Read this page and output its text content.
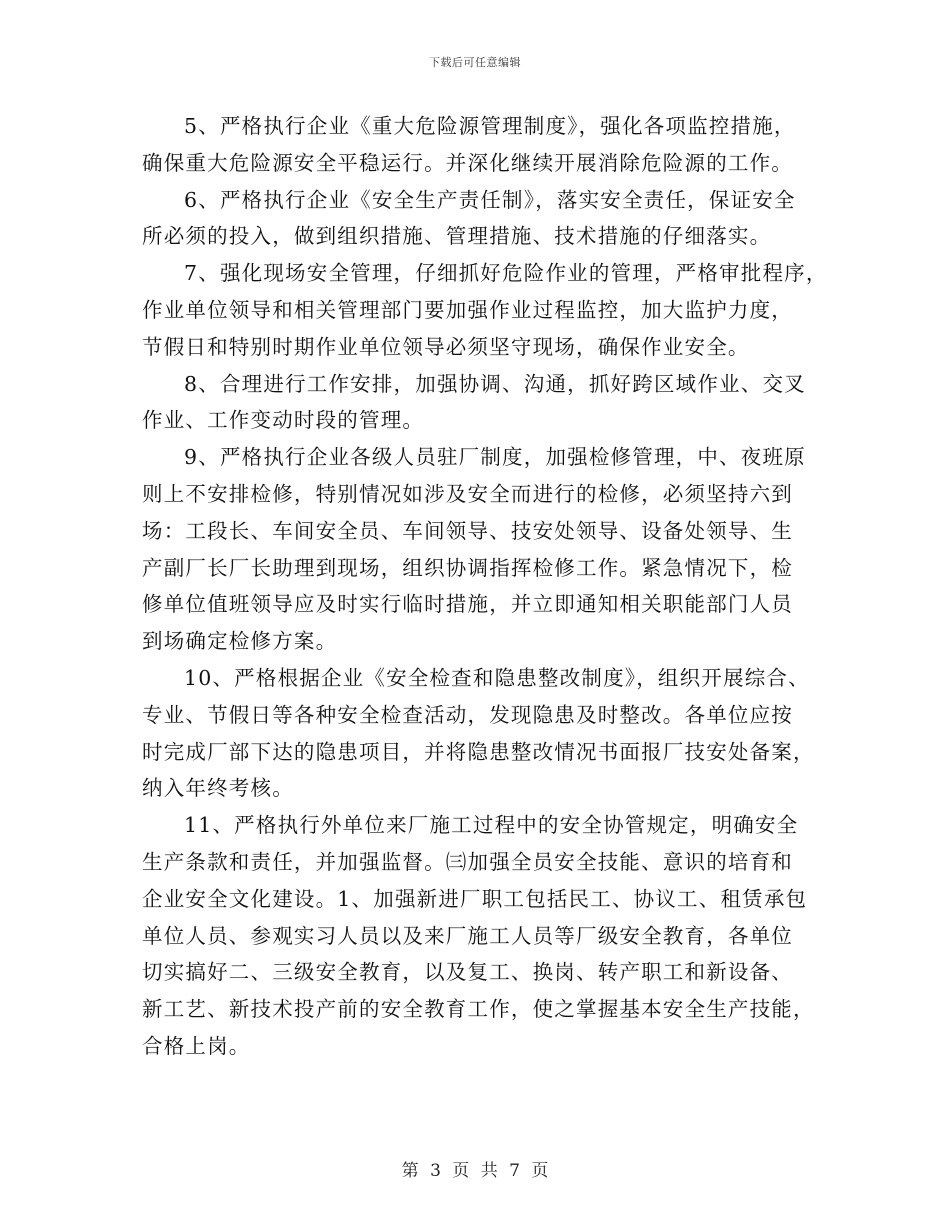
下载后可任意编辑

5、严格执行企业《重大危险源管理制度》，强化各项监控措施，
确保重大危险源安全平稳运行。并深化继续开展消除危险源的工作。

6、严格执行企业《安全生产责任制》，落实安全责任，保证安全
所必须的投入，做到组织措施、管理措施、技术措施的仔细落实。

7、强化现场安全管理，仔细抓好危险作业的管理，严格审批程序，
作业单位领导和相关管理部门要加强作业过程监控，加大监护力度，
节假日和特别时期作业单位领导必须坚守现场，确保作业安全。

8、合理进行工作安排，加强协调、沟通，抓好跨区域作业、交叉
作业、工作变动时段的管理。

9、严格执行企业各级人员驻厂制度，加强检修管理，中、夜班原
则上不安排检修，特别情况如涉及安全而进行的检修，必须坚持六到
场：工段长、车间安全员、车间领导、技安处领导、设备处领导、生
产副厂长厂长助理到现场，组织协调指挥检修工作。紧急情况下，检
修单位值班领导应及时实行临时措施，并立即通知相关职能部门人员
到场确定检修方案。

10、严格根据企业《安全检查和隐患整改制度》，组织开展综合、
专业、节假日等各种安全检查活动，发现隐患及时整改。各单位应按
时完成厂部下达的隐患项目，并将隐患整改情况书面报厂技安处备案，
纳入年终考核。

11、严格执行外单位来厂施工过程中的安全协管规定，明确安全
生产条款和责任，并加强监督。㈢加强全员安全技能、意识的培育和
企业安全文化建设。1、加强新进厂职工包括民工、协议工、租赁承包
单位人员、参观实习人员以及来厂施工人员等厂级安全教育，各单位
切实搞好二、三级安全教育，以及复工、换岗、转产职工和新设备、
新工艺、新技术投产前的安全教育工作，使之掌握基本安全生产技能，
合格上岗。

第 3 页 共 7 页
